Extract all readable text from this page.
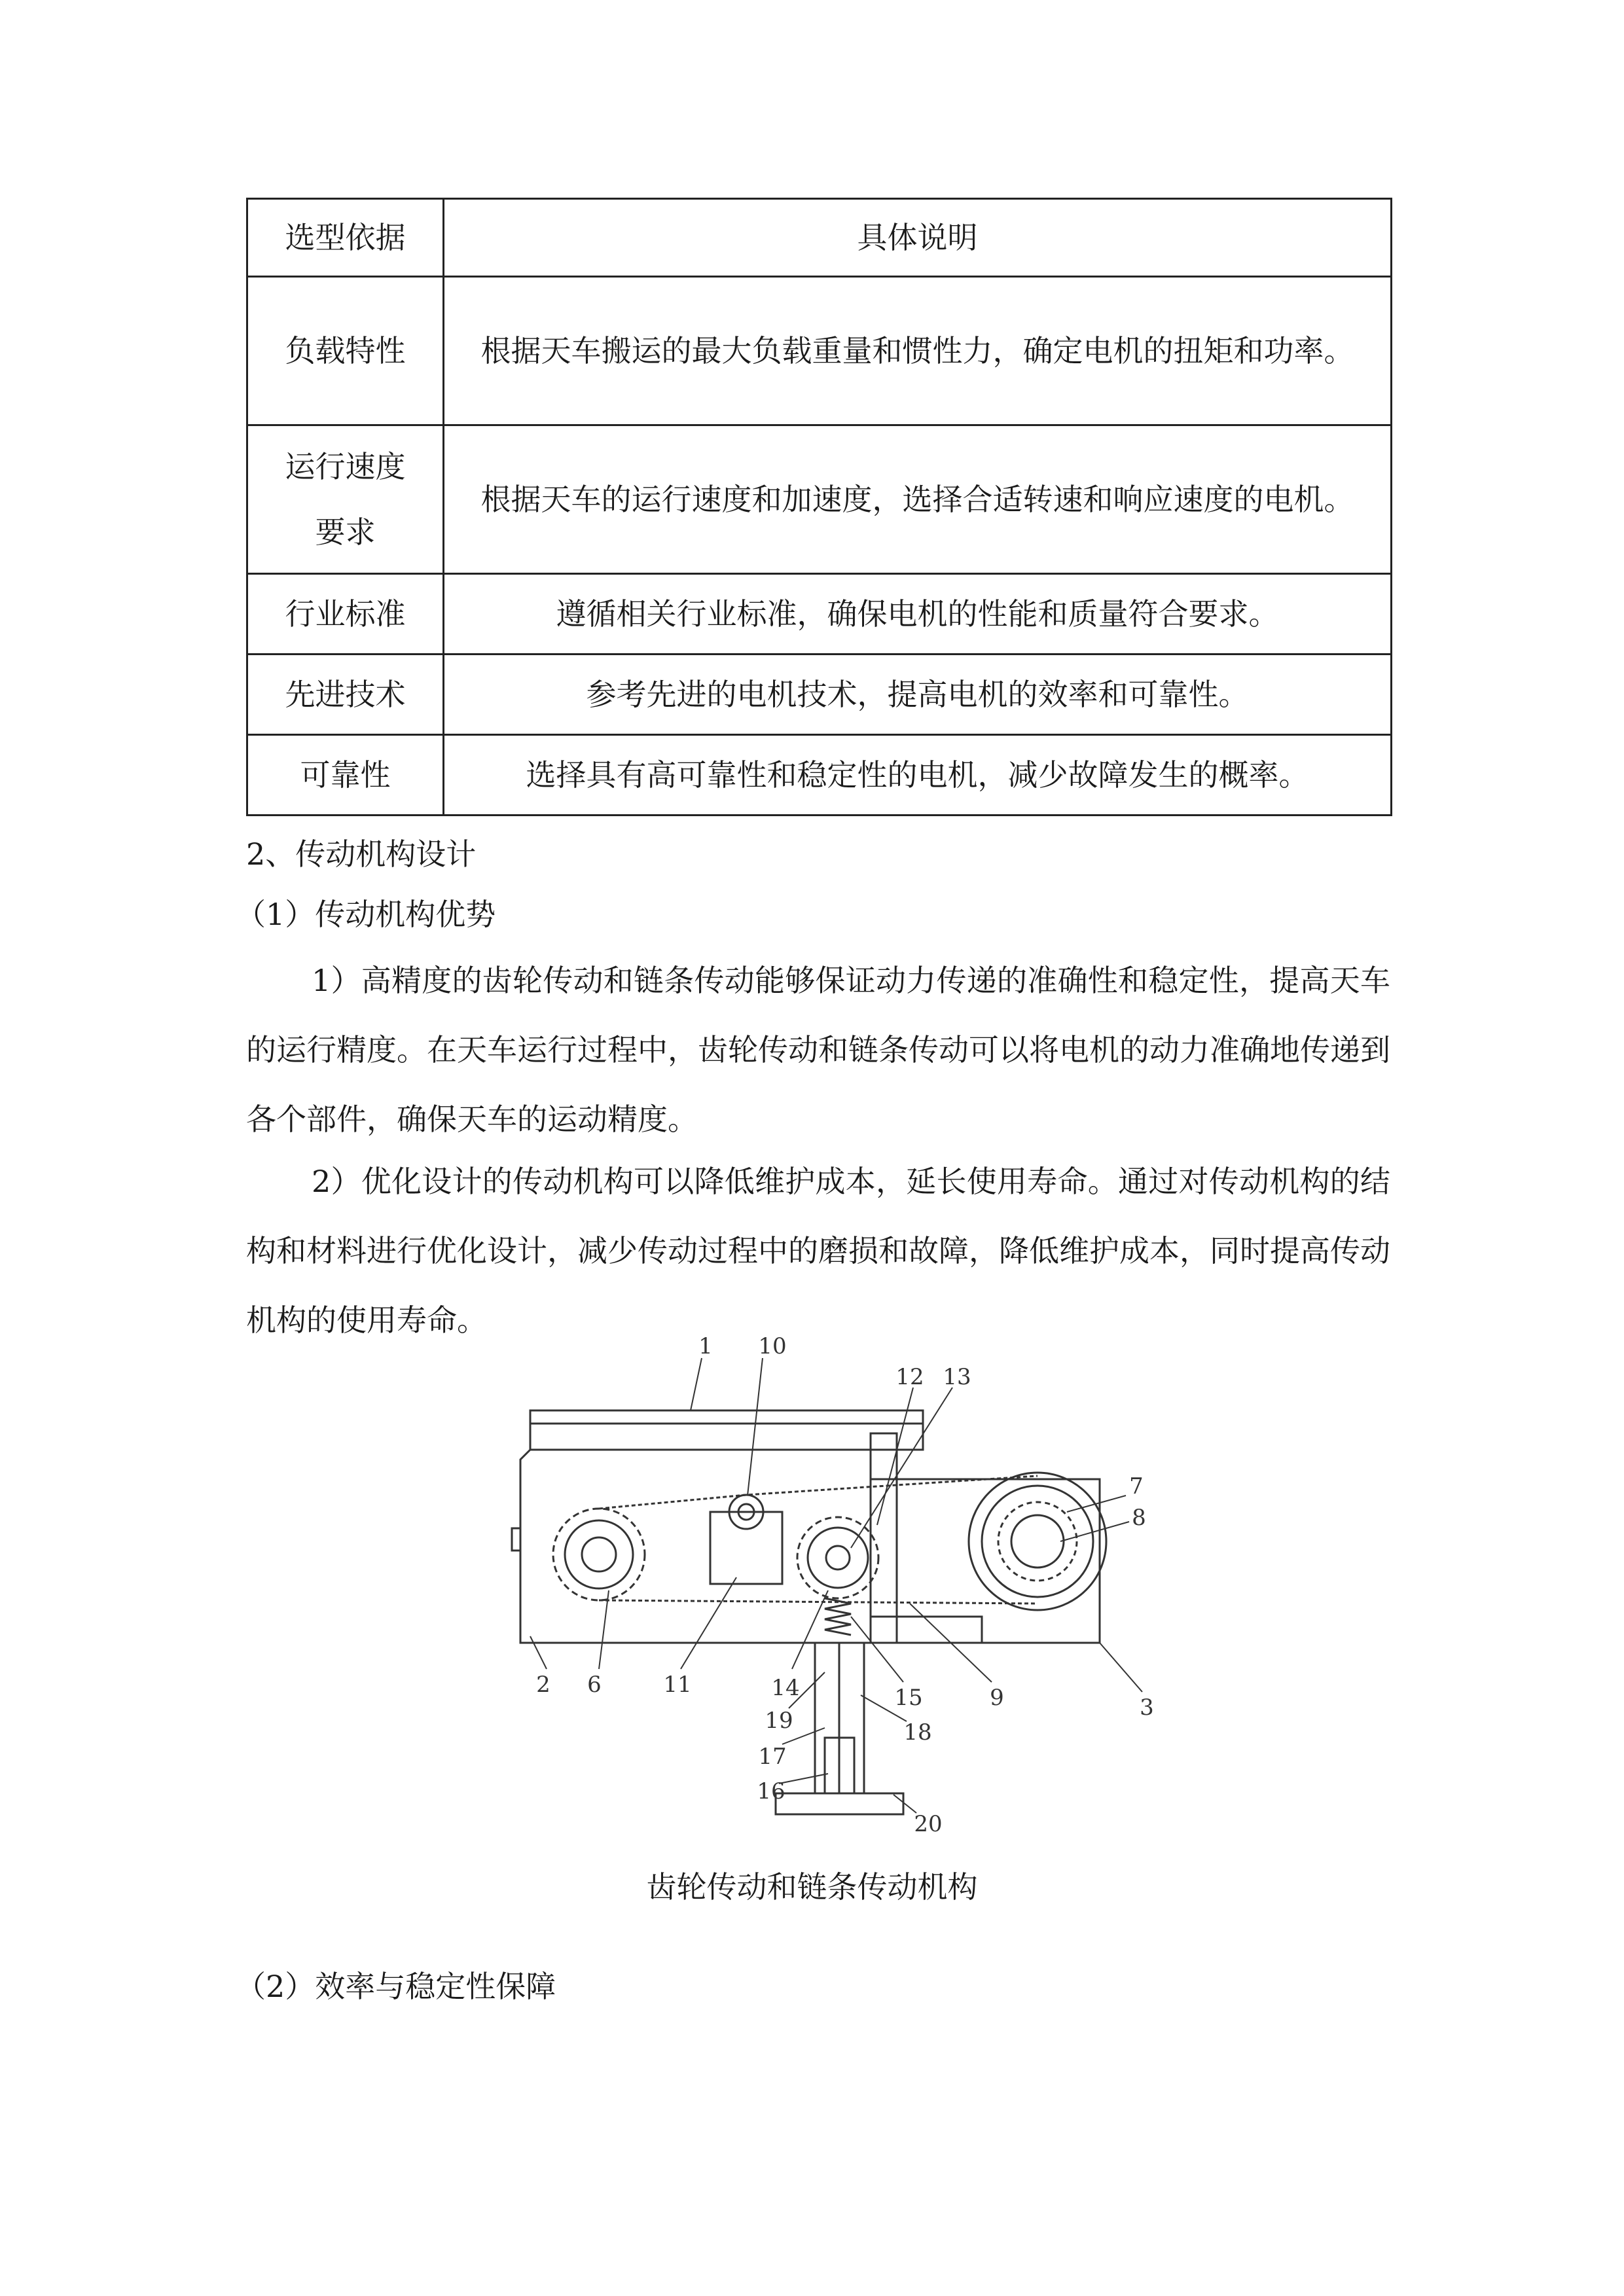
选型依据	具体说明
负载特性	根据天车搬运的最大负载重量和惯性力，确定电机的扭矩和功率。
运行速度要求	根据天车的运行速度和加速度，选择合适转速和响应速度的电机。
行业标准	遵循相关行业标准，确保电机的性能和质量符合要求。
先进技术	参考先进的电机技术，提高电机的效率和可靠性。
可靠性	选择具有高可靠性和稳定性的电机，减少故障发生的概率。
2、传动机构设计
（1）传动机构优势

1）高精度的齿轮传动和链条传动能够保证动力传递的准确性和稳定性，提高天车的运行精度。在天车运行过程中，齿轮传动和链条传动可以将电机的动力准确地传递到各个部件，确保天车的运动精度。

2）优化设计的传动机构可以降低维护成本，延长使用寿命。通过对传动机构的结构和材料进行优化设计，减少传动过程中的磨损和故障，降低维护成本，同时提高传动机构的使用寿命。

1 10
12 13
7
8
2 6	11	14	15	9	3
19
17
18
16
20
齿轮传动和链条传动机构
（2）效率与稳定性保障
